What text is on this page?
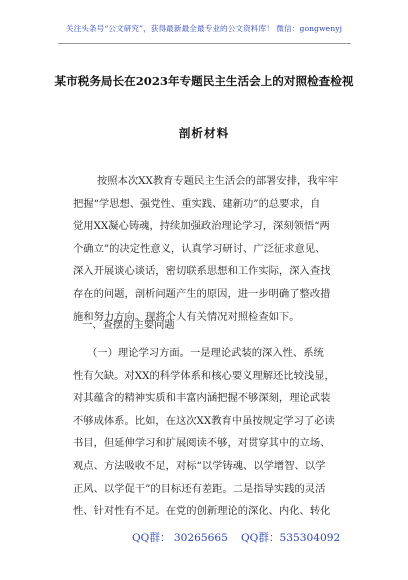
关注头条号“公文研究”，获得最新最全最专业的公文资料库！ 微信：gongwenyj
某市税务局长在2023年专题民主生活会上的对照检查检视
剖析材料
按照本次XX教育专题民主生活会的部署安排，我牢牢
把握“学思想、强党性、重实践、建新功”的总要求，自
觉用XX凝心铸魂，持续加强政治理论学习，深刻领悟“两
个确立”的决定性意义，认真学习研讨、广泛征求意见、
深入开展谈心谈话，密切联系思想和工作实际，深入查找
存在的问题，剖析问题产生的原因，进一步明确了整改措
施和努力方向。现将个人有关情况对照检查如下。
一、查摆的主要问题
（一）理论学习方面。一是理论武装的深入性、系统
性有欠缺。对XX的科学体系和核心要义理解还比较浅显，
对其蕴含的精神实质和丰富内涵把握不够深刻，理论武装
不够成体系。比如，在这次XX教育中虽按规定学习了必读
书目，但延伸学习和扩展阅读不够，对贯穿其中的立场、
观点、方法吸收不足，对标“以学铸魂、以学增智、以学
正风、以学促干”的目标还有差距。二是指导实践的灵活
性、针对性有不足。在党的创新理论的深化、内化、转化
QQ群： 30265665 QQ群：535304092
